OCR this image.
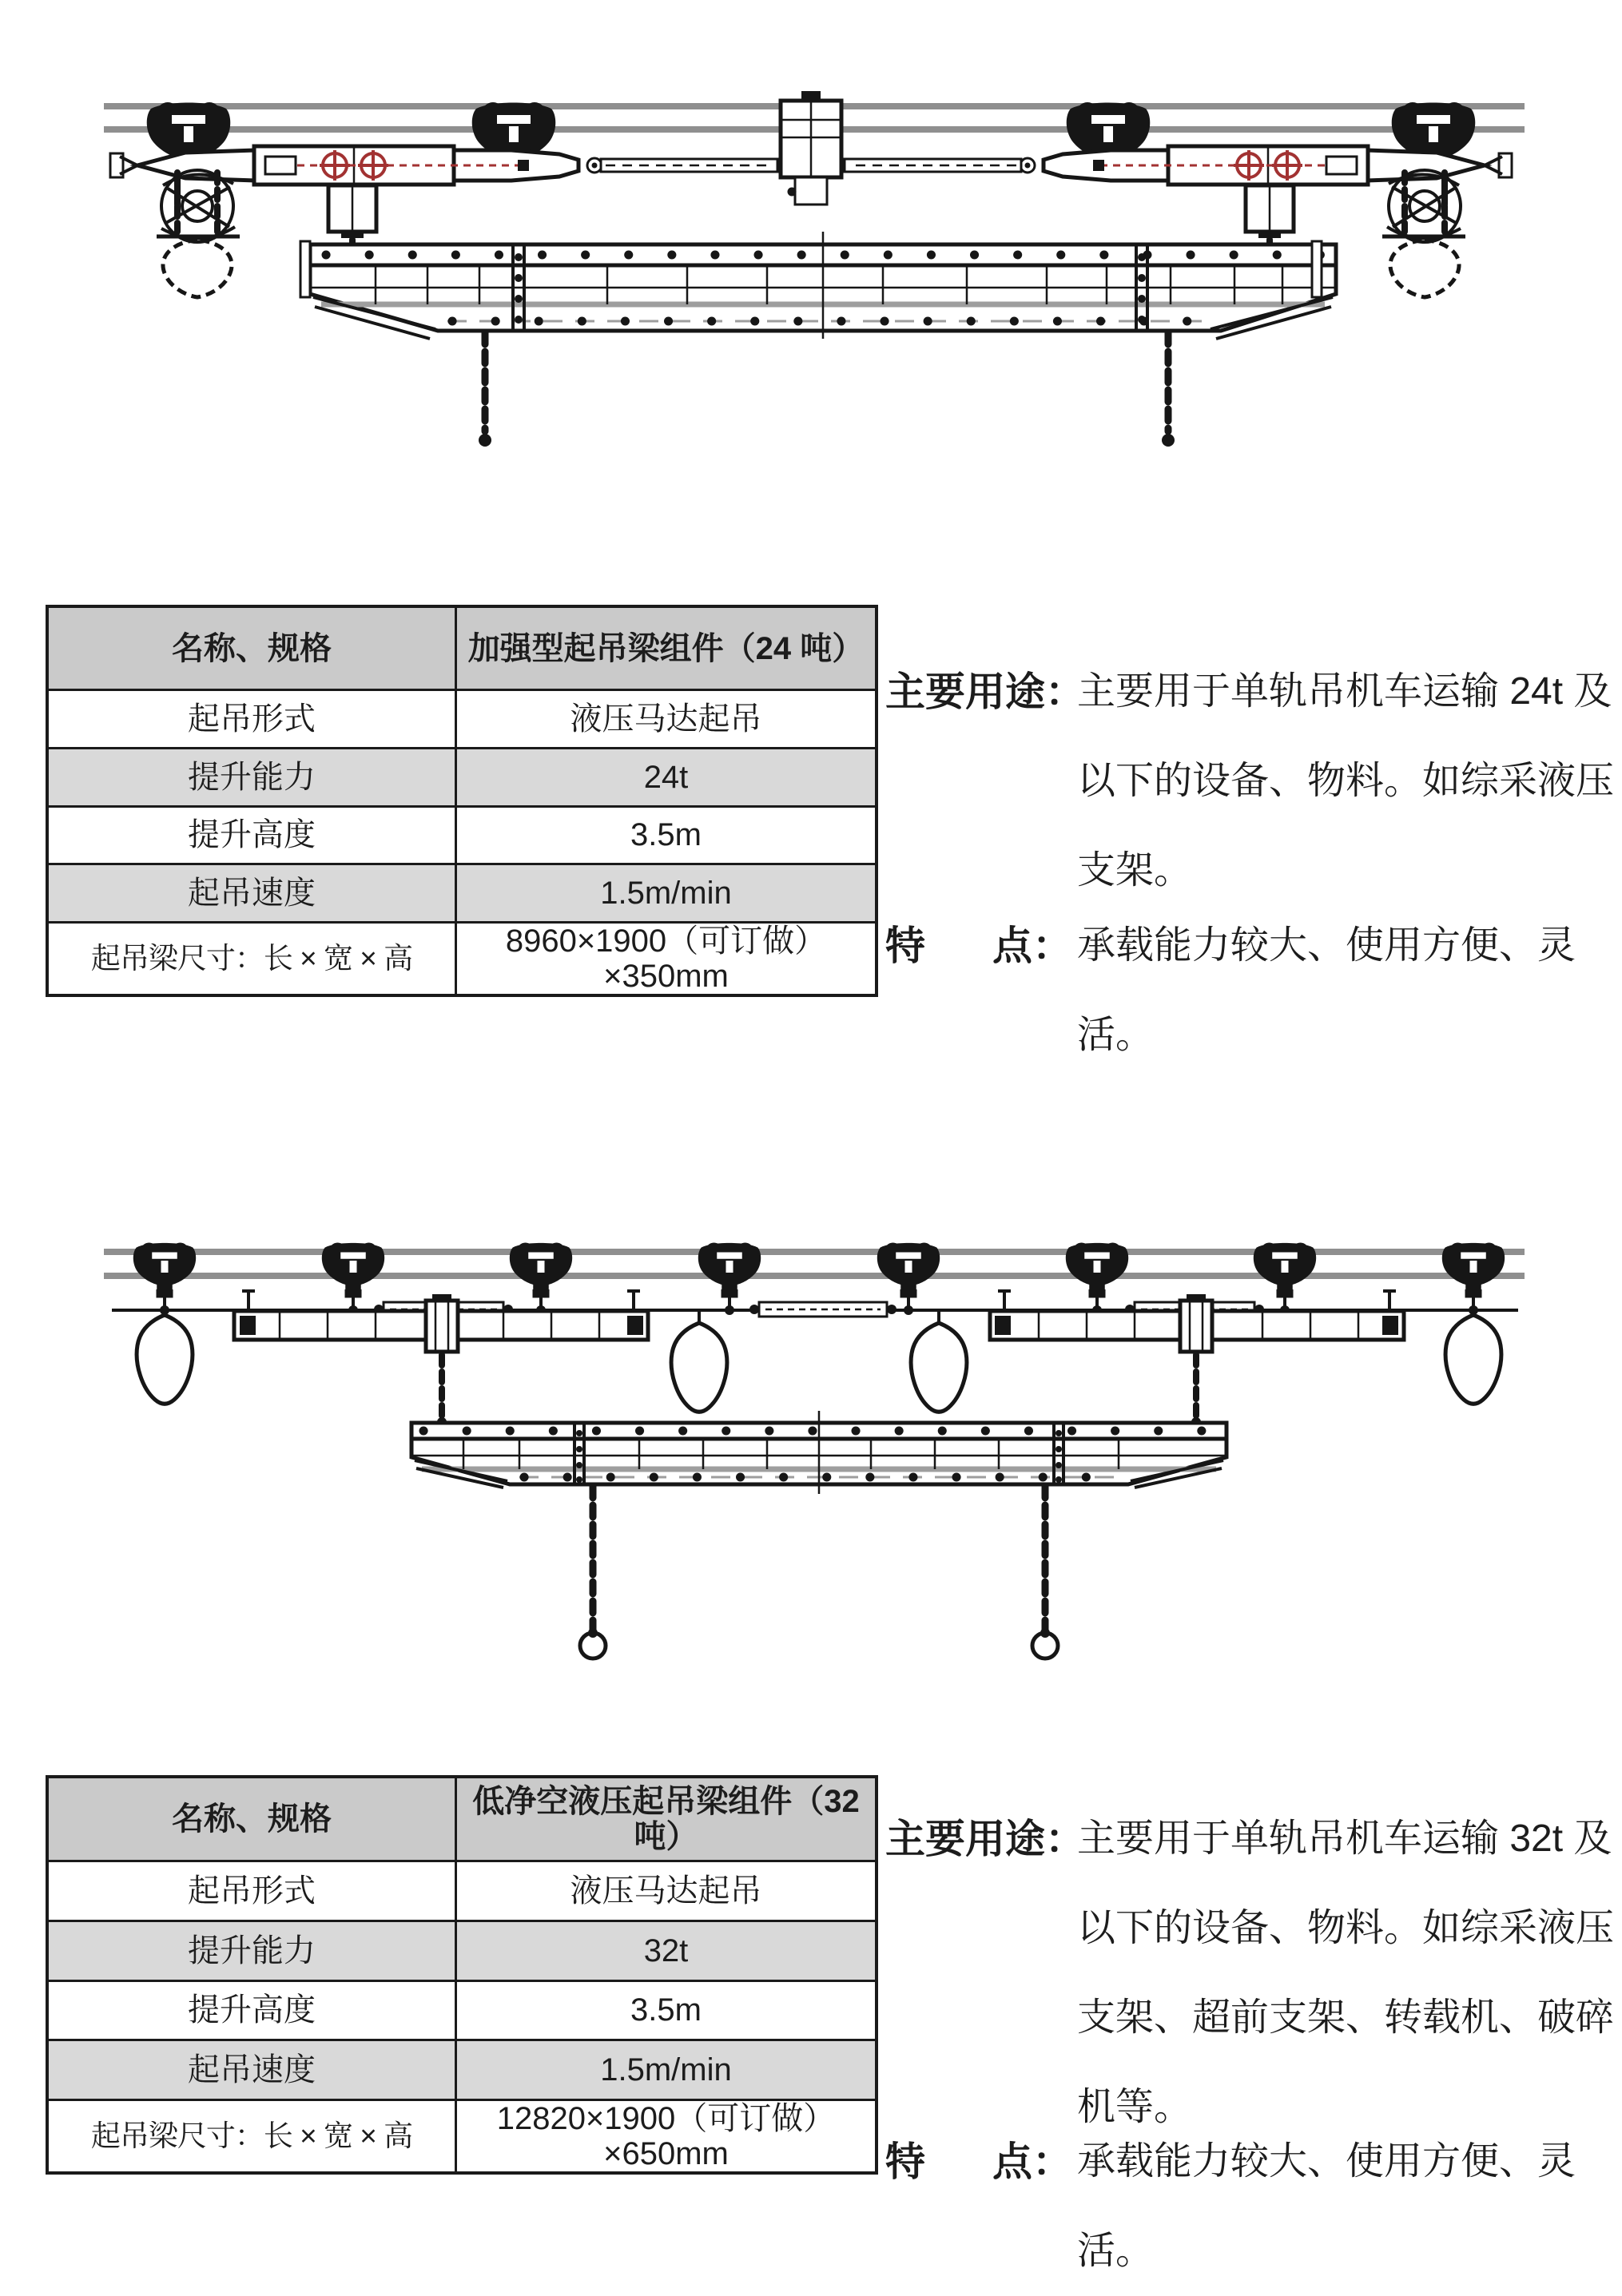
名称、规格	加强型起吊梁组件（24 吨）
起吊形式	液压马达起吊
提升能力	24t
提升高度	3.5m
起吊速度	1.5m/min
起吊梁尺寸：长 × 宽 × 高	8960×1900（可订做）×350mm
主要用途：
主要用于单轨吊机车运输 24t 及以下的设备、物料。如综采液压支架。
特 点： 承载能力较大、使用方便、灵活。
名称、规格	低净空液压起吊梁组件（32 吨）
起吊形式	液压马达起吊
提升能力	32t
提升高度	3.5m
起吊速度	1.5m/min
起吊梁尺寸：长 × 宽 × 高	12820×1900（可订做）×650mm
主要用途：
主要用于单轨吊机车运输 32t 及以下的设备、物料。如综采液压支架、超前支架、转载机、破碎机等。
特 点： 承载能力较大、使用方便、灵活。
